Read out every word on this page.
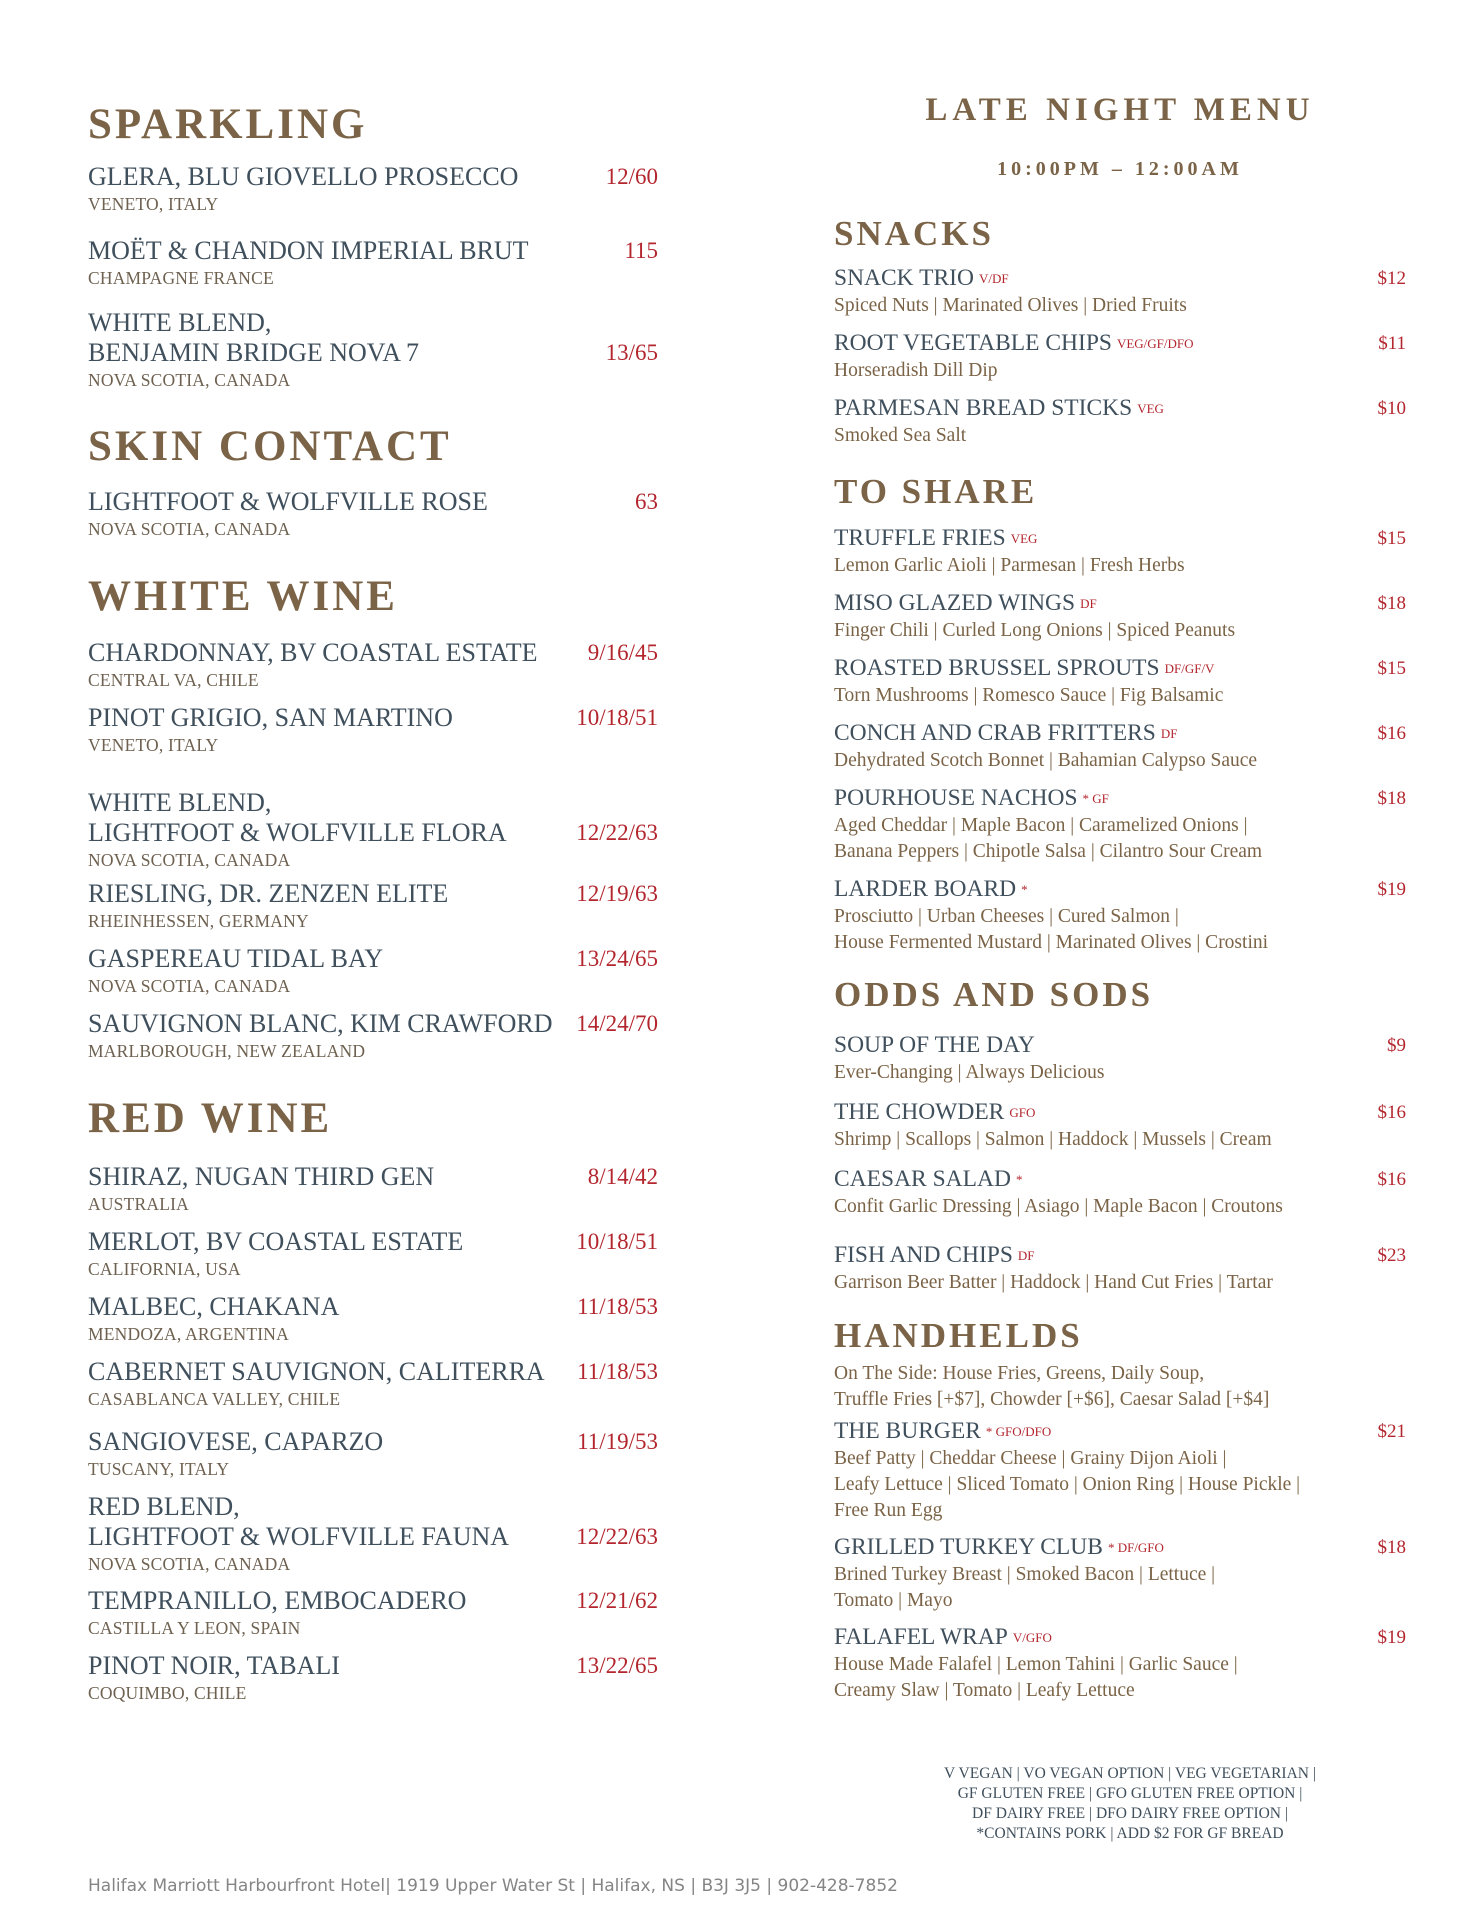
SPARKLING
GLERA, BLU GIOVELLO PROSECCO	12/60
VENETO, ITALY
MOËT & CHANDON IMPERIAL BRUT	115
CHAMPAGNE FRANCE
WHITE BLEND,
BENJAMIN BRIDGE NOVA 7	13/65
NOVA SCOTIA, CANADA
SKIN CONTACT
LIGHTFOOT & WOLFVILLE ROSE	63
NOVA SCOTIA, CANADA
WHITE WINE
CHARDONNAY, BV COASTAL ESTATE	9/16/45
CENTRAL VA, CHILE
PINOT GRIGIO, SAN MARTINO	10/18/51
VENETO, ITALY
WHITE BLEND,
LIGHTFOOT & WOLFVILLE FLORA	12/22/63
NOVA SCOTIA, CANADA
RIESLING, DR. ZENZEN ELITE	12/19/63
RHEINHESSEN, GERMANY
GASPEREAU TIDAL BAY	13/24/65
NOVA SCOTIA, CANADA
SAUVIGNON BLANC, KIM CRAWFORD	14/24/70
MARLBOROUGH, NEW ZEALAND
RED WINE
SHIRAZ, NUGAN THIRD GEN	8/14/42
AUSTRALIA
MERLOT, BV COASTAL ESTATE	10/18/51
CALIFORNIA, USA
MALBEC, CHAKANA	11/18/53
MENDOZA, ARGENTINA
CABERNET SAUVIGNON, CALITERRA	11/18/53
CASABLANCA VALLEY, CHILE
SANGIOVESE, CAPARZO	11/19/53
TUSCANY, ITALY
RED BLEND,
LIGHTFOOT & WOLFVILLE FAUNA	12/22/63
NOVA SCOTIA, CANADA
TEMPRANILLO, EMBOCADERO	12/21/62
CASTILLA Y LEON, SPAIN
PINOT NOIR, TABALI	13/22/65
COQUIMBO, CHILE
LATE NIGHT MENU
10:00PM – 12:00AM
SNACKS
SNACK TRIO V/DF	$12
Spiced Nuts | Marinated Olives | Dried Fruits
ROOT VEGETABLE CHIPS VEG/GF/DFO	$11
Horseradish Dill Dip
PARMESAN BREAD STICKS VEG	$10
Smoked Sea Salt
TO SHARE
TRUFFLE FRIES VEG	$15
Lemon Garlic Aioli | Parmesan | Fresh Herbs
MISO GLAZED WINGS DF	$18
Finger Chili | Curled Long Onions | Spiced Peanuts
ROASTED BRUSSEL SPROUTS DF/GF/V	$15
Torn Mushrooms | Romesco Sauce | Fig Balsamic
CONCH AND CRAB FRITTERS DF	$16
Dehydrated Scotch Bonnet | Bahamian Calypso Sauce
POURHOUSE NACHOS * GF	$18
Aged Cheddar | Maple Bacon | Caramelized Onions |
Banana Peppers | Chipotle Salsa | Cilantro Sour Cream
LARDER BOARD *	$19
Prosciutto | Urban Cheeses | Cured Salmon |
House Fermented Mustard | Marinated Olives | Crostini
ODDS AND SODS
SOUP OF THE DAY	$9
Ever-Changing | Always Delicious
THE CHOWDER GFO	$16
Shrimp | Scallops | Salmon | Haddock | Mussels | Cream
CAESAR SALAD *	$16
Confit Garlic Dressing | Asiago | Maple Bacon | Croutons
FISH AND CHIPS DF	$23
Garrison Beer Batter | Haddock | Hand Cut Fries | Tartar
HANDHELDS
On The Side: House Fries, Greens, Daily Soup,
Truffle Fries [+$7], Chowder [+$6], Caesar Salad [+$4]
THE BURGER * GFO/DFO	$21
Beef Patty | Cheddar Cheese | Grainy Dijon Aioli |
Leafy Lettuce | Sliced Tomato | Onion Ring | House Pickle |
Free Run Egg
GRILLED TURKEY CLUB * DF/GFO	$18
Brined Turkey Breast | Smoked Bacon | Lettuce |
Tomato | Mayo
FALAFEL WRAP V/GFO	$19
House Made Falafel | Lemon Tahini | Garlic Sauce |
Creamy Slaw | Tomato | Leafy Lettuce
V VEGAN | VO VEGAN OPTION | VEG VEGETARIAN |
GF GLUTEN FREE | GFO GLUTEN FREE OPTION |
DF DAIRY FREE | DFO DAIRY FREE OPTION |
*CONTAINS PORK | ADD $2 FOR GF BREAD
Halifax Marriott Harbourfront Hotel| 1919 Upper Water St | Halifax, NS | B3J 3J5 | 902-428-7852
